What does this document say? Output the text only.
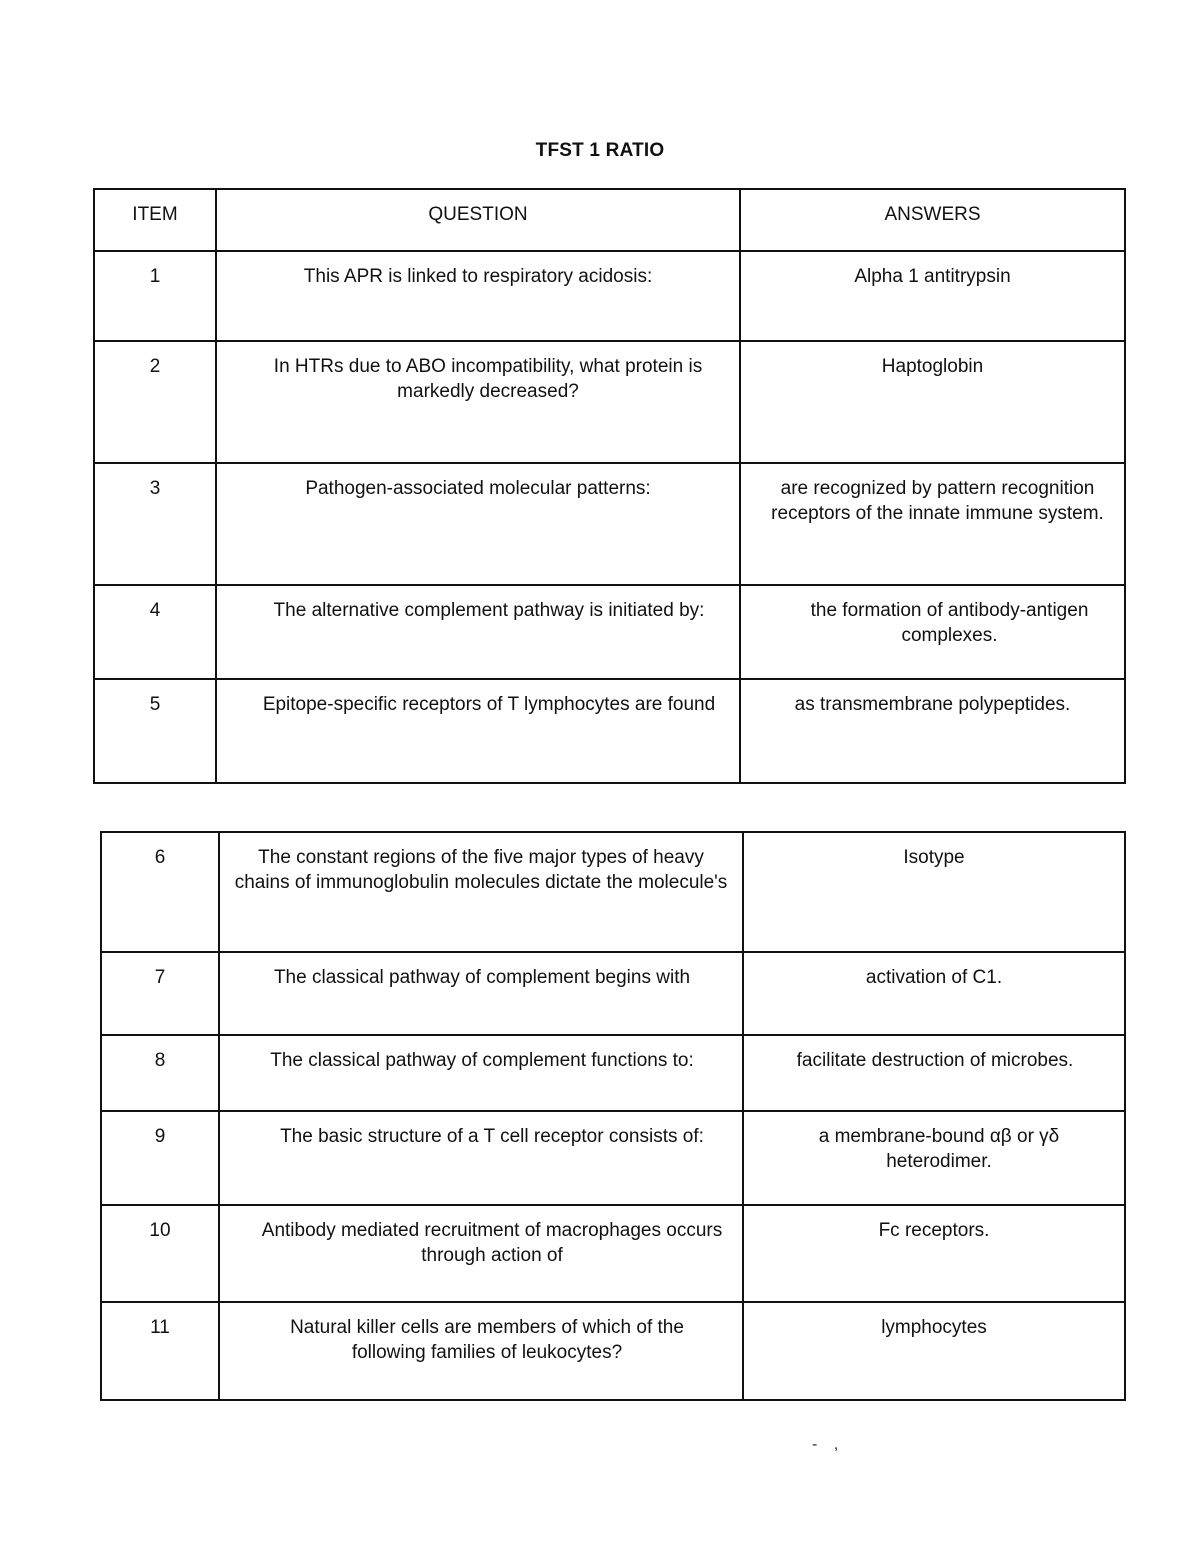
TFST 1 RATIO
ITEM	QUESTION	ANSWERS
1	This APR is linked to respiratory acidosis:	Alpha 1 antitrypsin
2	In HTRs due to ABO incompatibility, what protein is markedly decreased?	Haptoglobin
3	Pathogen-associated molecular patterns:	are recognized by pattern recognition receptors of the innate immune system.
4	The alternative complement pathway is initiated by:	the formation of antibody-antigen complexes.
5	Epitope-specific receptors of T lymphocytes are found	as transmembrane polypeptides.
6	The constant regions of the five major types of heavy chains of immunoglobulin molecules dictate the molecule's	Isotype
7	The classical pathway of complement begins with	activation of C1.
8	The classical pathway of complement functions to:	facilitate destruction of microbes.
9	The basic structure of a T cell receptor consists of:	a membrane-bound αβ or γδ heterodimer.
10	Antibody mediated recruitment of macrophages occurs through action of	Fc receptors.
11	Natural killer cells are members of which of the following families of leukocytes?	lymphocytes
- ,
